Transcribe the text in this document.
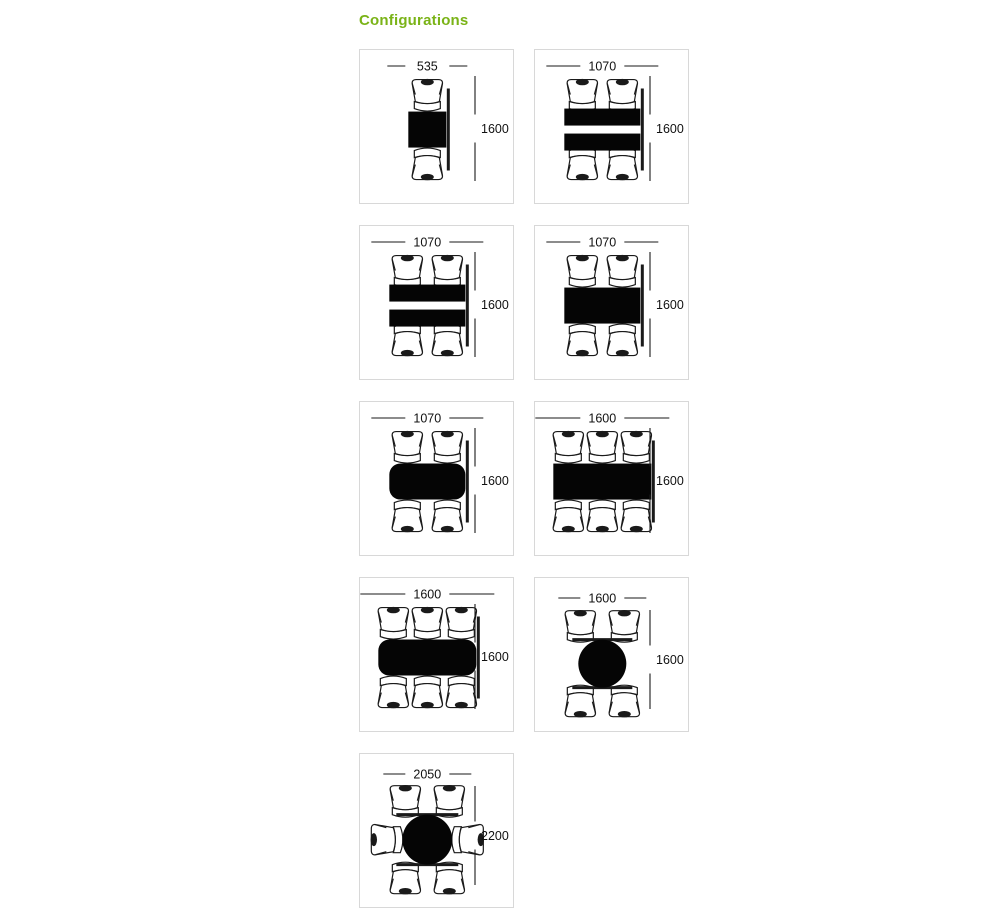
Configurations
535
1600
1070
1600
1070
1600
1070
1600
1070
1600
1600
1600
1600
1600
1600
1600
2050
2200
